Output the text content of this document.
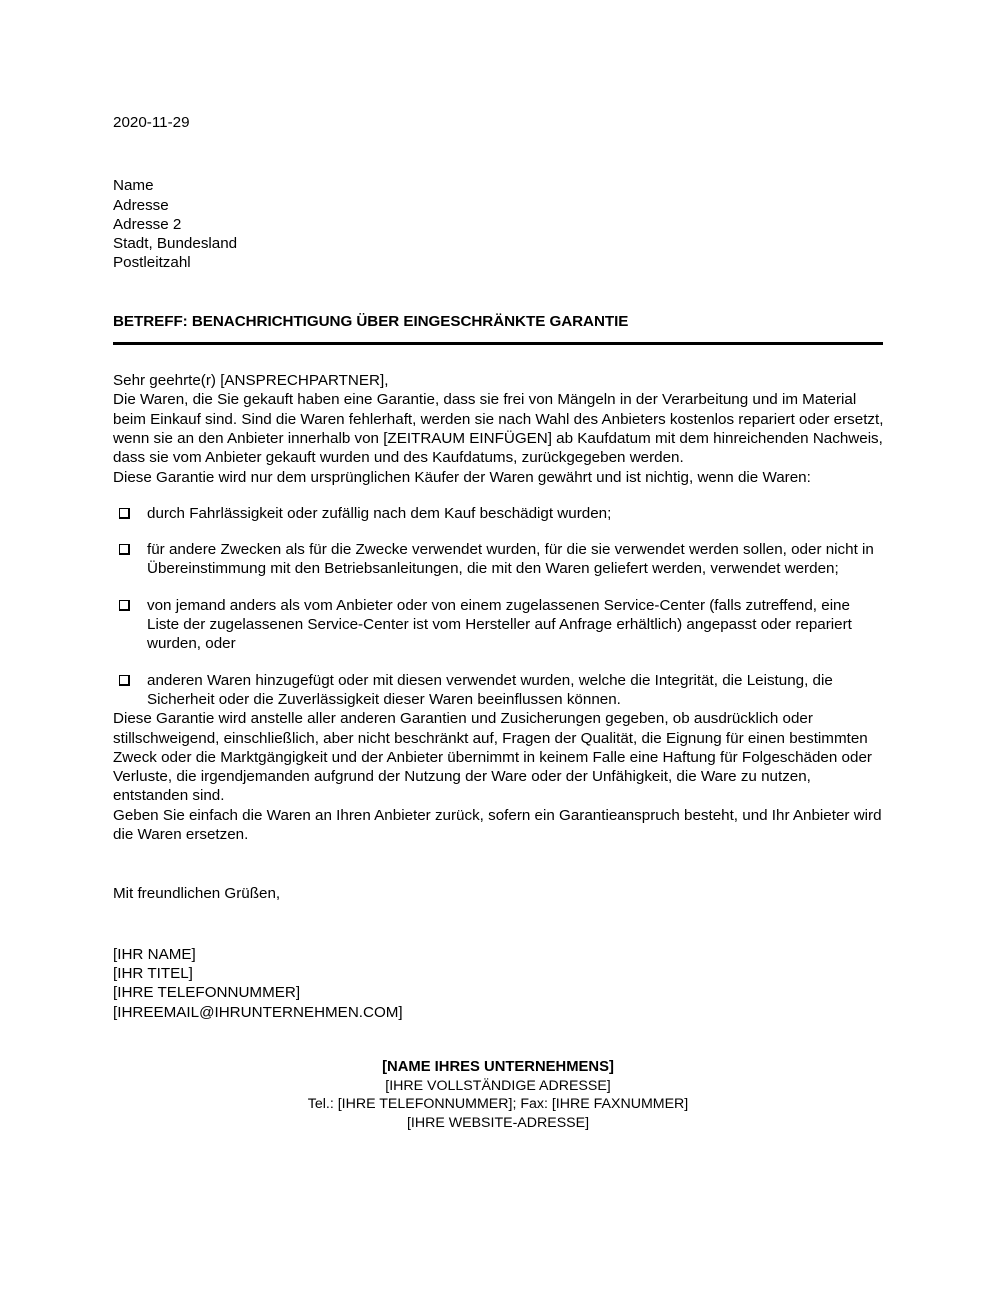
2020-11-29
Name
Adresse
Adresse 2
Stadt, Bundesland
Postleitzahl
BETREFF: BENACHRICHTIGUNG ÜBER EINGESCHRÄNKTE GARANTIE
Sehr geehrte(r) [ANSPRECHPARTNER],

Die Waren, die Sie gekauft haben eine Garantie, dass sie frei von Mängeln in der Verarbeitung und im Material beim Einkauf sind. Sind die Waren fehlerhaft, werden sie nach Wahl des Anbieters kostenlos repariert oder ersetzt, wenn sie an den Anbieter innerhalb von [ZEITRAUM EINFÜGEN] ab Kaufdatum mit dem hinreichenden Nachweis, dass sie vom Anbieter gekauft wurden und des Kaufdatums, zurückgegeben werden.

Diese Garantie wird nur dem ursprünglichen Käufer der Waren gewährt und ist nichtig, wenn die Waren:

durch Fahrlässigkeit oder zufällig nach dem Kauf beschädigt wurden;
für andere Zwecken als für die Zwecke verwendet wurden, für die sie verwendet werden sollen, oder nicht in Übereinstimmung mit den Betriebsanleitungen, die mit den Waren geliefert werden, verwendet werden;
von jemand anders als vom Anbieter oder von einem zugelassenen Service-Center (falls zutreffend, eine Liste der zugelassenen Service-Center ist vom Hersteller auf Anfrage erhältlich) angepasst oder repariert wurden, oder
anderen Waren hinzugefügt oder mit diesen verwendet wurden, welche die Integrität, die Leistung, die Sicherheit oder die Zuverlässigkeit dieser Waren beeinflussen können.

Diese Garantie wird anstelle aller anderen Garantien und Zusicherungen gegeben, ob ausdrücklich oder stillschweigend, einschließlich, aber nicht beschränkt auf, Fragen der Qualität, die Eignung für einen bestimmten Zweck oder die Marktgängigkeit und der Anbieter übernimmt in keinem Falle eine Haftung für Folgeschäden oder Verluste, die irgendjemanden aufgrund der Nutzung der Ware oder der Unfähigkeit, die Ware zu nutzen, entstanden sind.

Geben Sie einfach die Waren an Ihren Anbieter zurück, sofern ein Garantieanspruch besteht, und Ihr Anbieter wird die Waren ersetzen.

Mit freundlichen Grüßen,
[IHR NAME]
[IHR TITEL]
[IHRE TELEFONNUMMER]
[IHREEMAIL@IHRUNTERNEHMEN.COM]
[NAME IHRES UNTERNEHMENS]
[IHRE VOLLSTÄNDIGE ADRESSE]
Tel.: [IHRE TELEFONNUMMER]; Fax: [IHRE FAXNUMMER]
[IHRE WEBSITE-ADRESSE]
